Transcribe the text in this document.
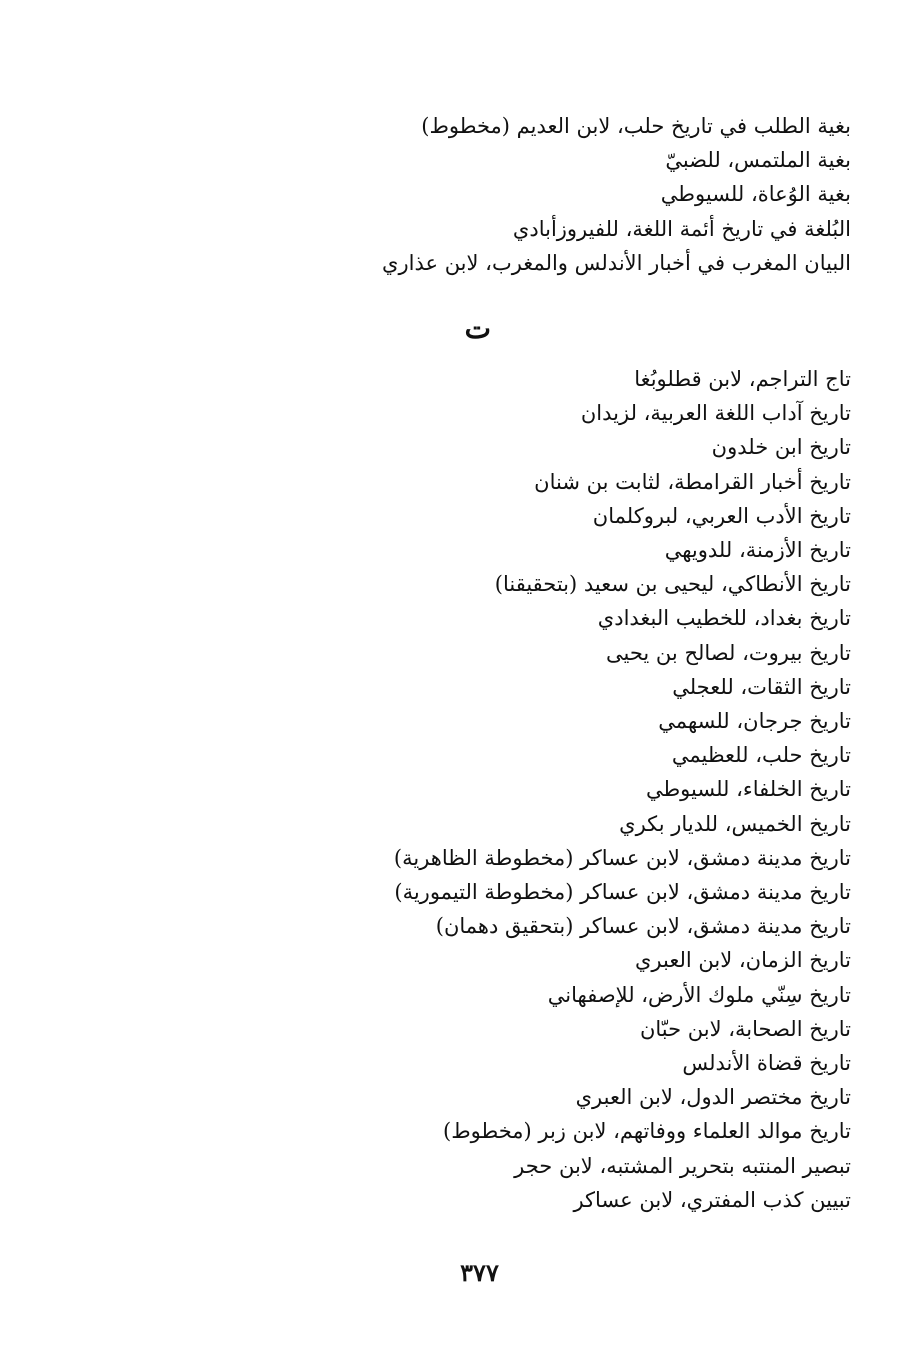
بغية الطلب في تاريخ حلب، لابن العديم (مخطوط)
بغية الملتمس، للضبيّ
بغية الوُعاة، للسيوطي
البُلغة في تاريخ أئمة اللغة، للفيروزأبادي
البيان المغرب في أخبار الأندلس والمغرب، لابن عذاري
ت
تاج التراجم، لابن قطلوبُغا
تاريخ آداب اللغة العربية، لزيدان
تاريخ ابن خلدون
تاريخ أخبار القرامطة، لثابت بن شنان
تاريخ الأدب العربي، لبروكلمان
تاريخ الأزمنة، للدويهي
تاريخ الأنطاكي، ليحيى بن سعيد (بتحقيقنا)
تاريخ بغداد، للخطيب البغدادي
تاريخ بيروت، لصالح بن يحيى
تاريخ الثقات، للعجلي
تاريخ جرجان، للسهمي
تاريخ حلب، للعظيمي
تاريخ الخلفاء، للسيوطي
تاريخ الخميس، للديار بكري
تاريخ مدينة دمشق، لابن عساكر (مخطوطة الظاهرية)
تاريخ مدينة دمشق، لابن عساكر (مخطوطة التيمورية)
تاريخ مدينة دمشق، لابن عساكر (بتحقيق دهمان)
تاريخ الزمان، لابن العبري
تاريخ سِنّي ملوك الأرض، للإصفهاني
تاريخ الصحابة، لابن حبّان
تاريخ قضاة الأندلس
تاريخ مختصر الدول، لابن العبري
تاريخ موالد العلماء ووفاتهم، لابن زبر (مخطوط)
تبصير المنتبه بتحرير المشتبه، لابن حجر
تبيين كذب المفتري، لابن عساكر
٣٧٧
